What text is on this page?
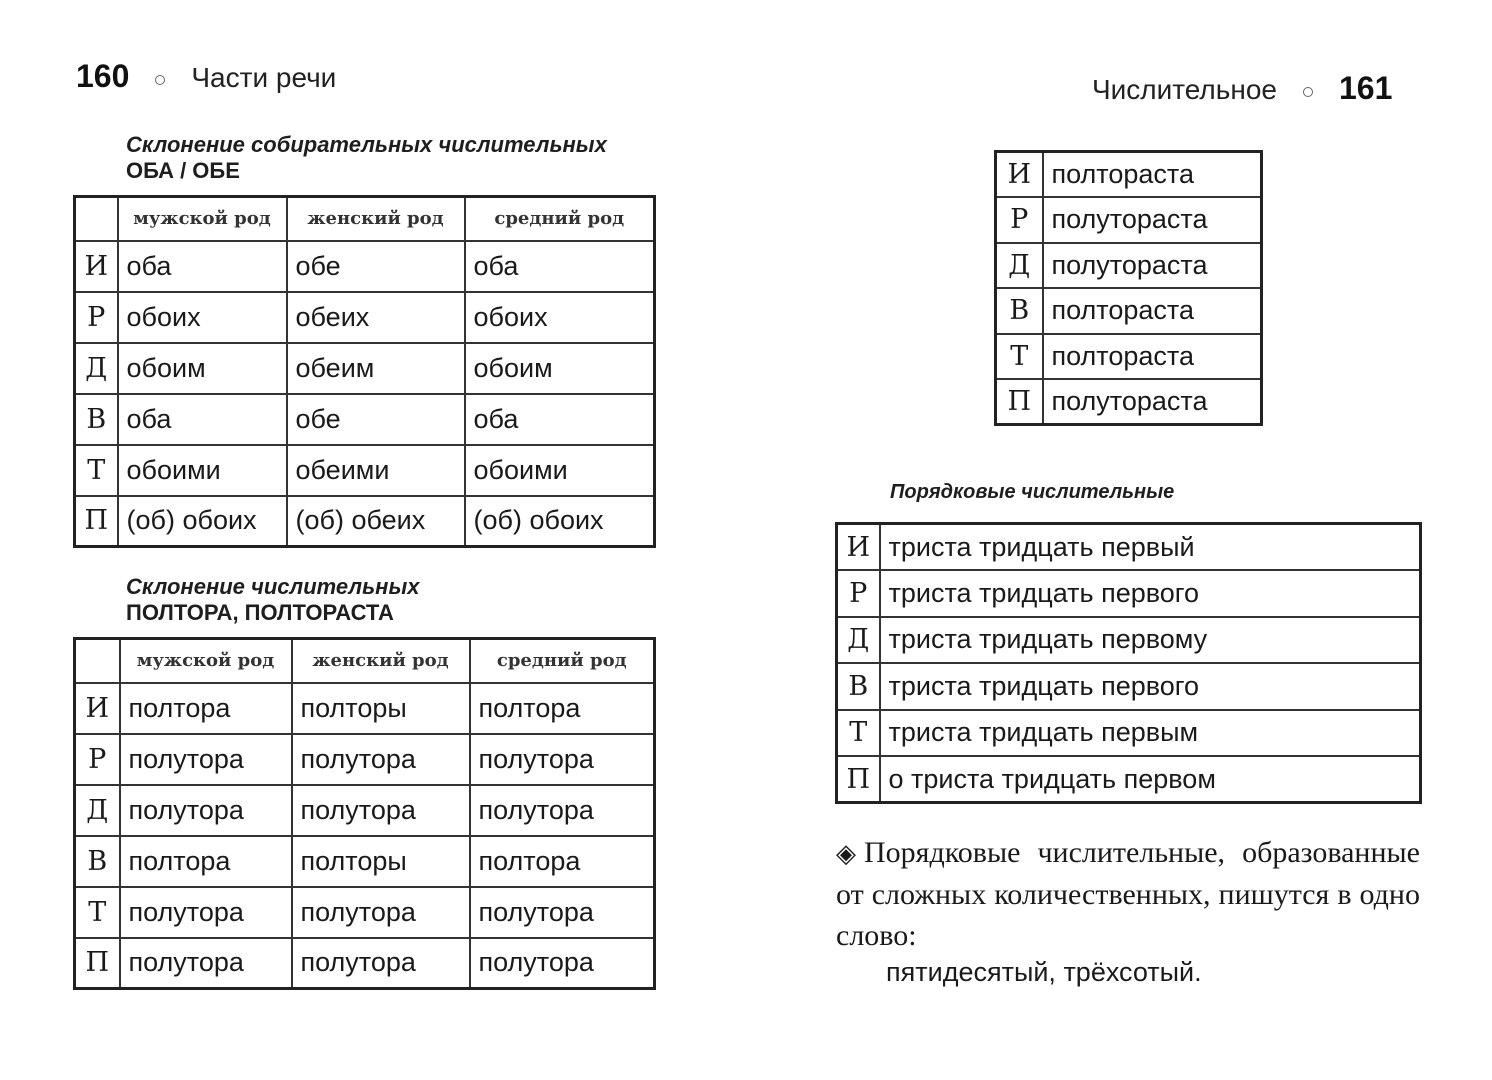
160 Части речи
Склонение собирательных числительных
ОБА / ОБЕ
	мужской род	женский род	средний род
И	оба	обе	оба
Р	обоих	обеих	обоих
Д	обоим	обеим	обоим
В	оба	обе	оба
Т	обоими	обеими	обоими
П	(об) обоих	(об) обеих	(об) обоих
Склонение числительных
ПОЛТОРА, ПОЛТОРАСТА
	мужской род	женский род	средний род
И	полтора	полторы	полтора
Р	полутора	полутора	полутора
Д	полутора	полутора	полутора
В	полтора	полторы	полтора
Т	полутора	полутора	полутора
П	полутора	полутора	полутора
Числительное 161
И	полтораста
Р	полутораста
Д	полутораста
В	полтораста
Т	полтораста
П	полутораста
Порядковые числительные
И	триста тридцать первый
Р	триста тридцать первого
Д	триста тридцать первому
В	триста тридцать первого
Т	триста тридцать первым
П	о триста тридцать первом
◈ Порядковые числительные, образованные от сложных количественных, пишутся в одно слово:
пятидесятый, трёхсотый.
